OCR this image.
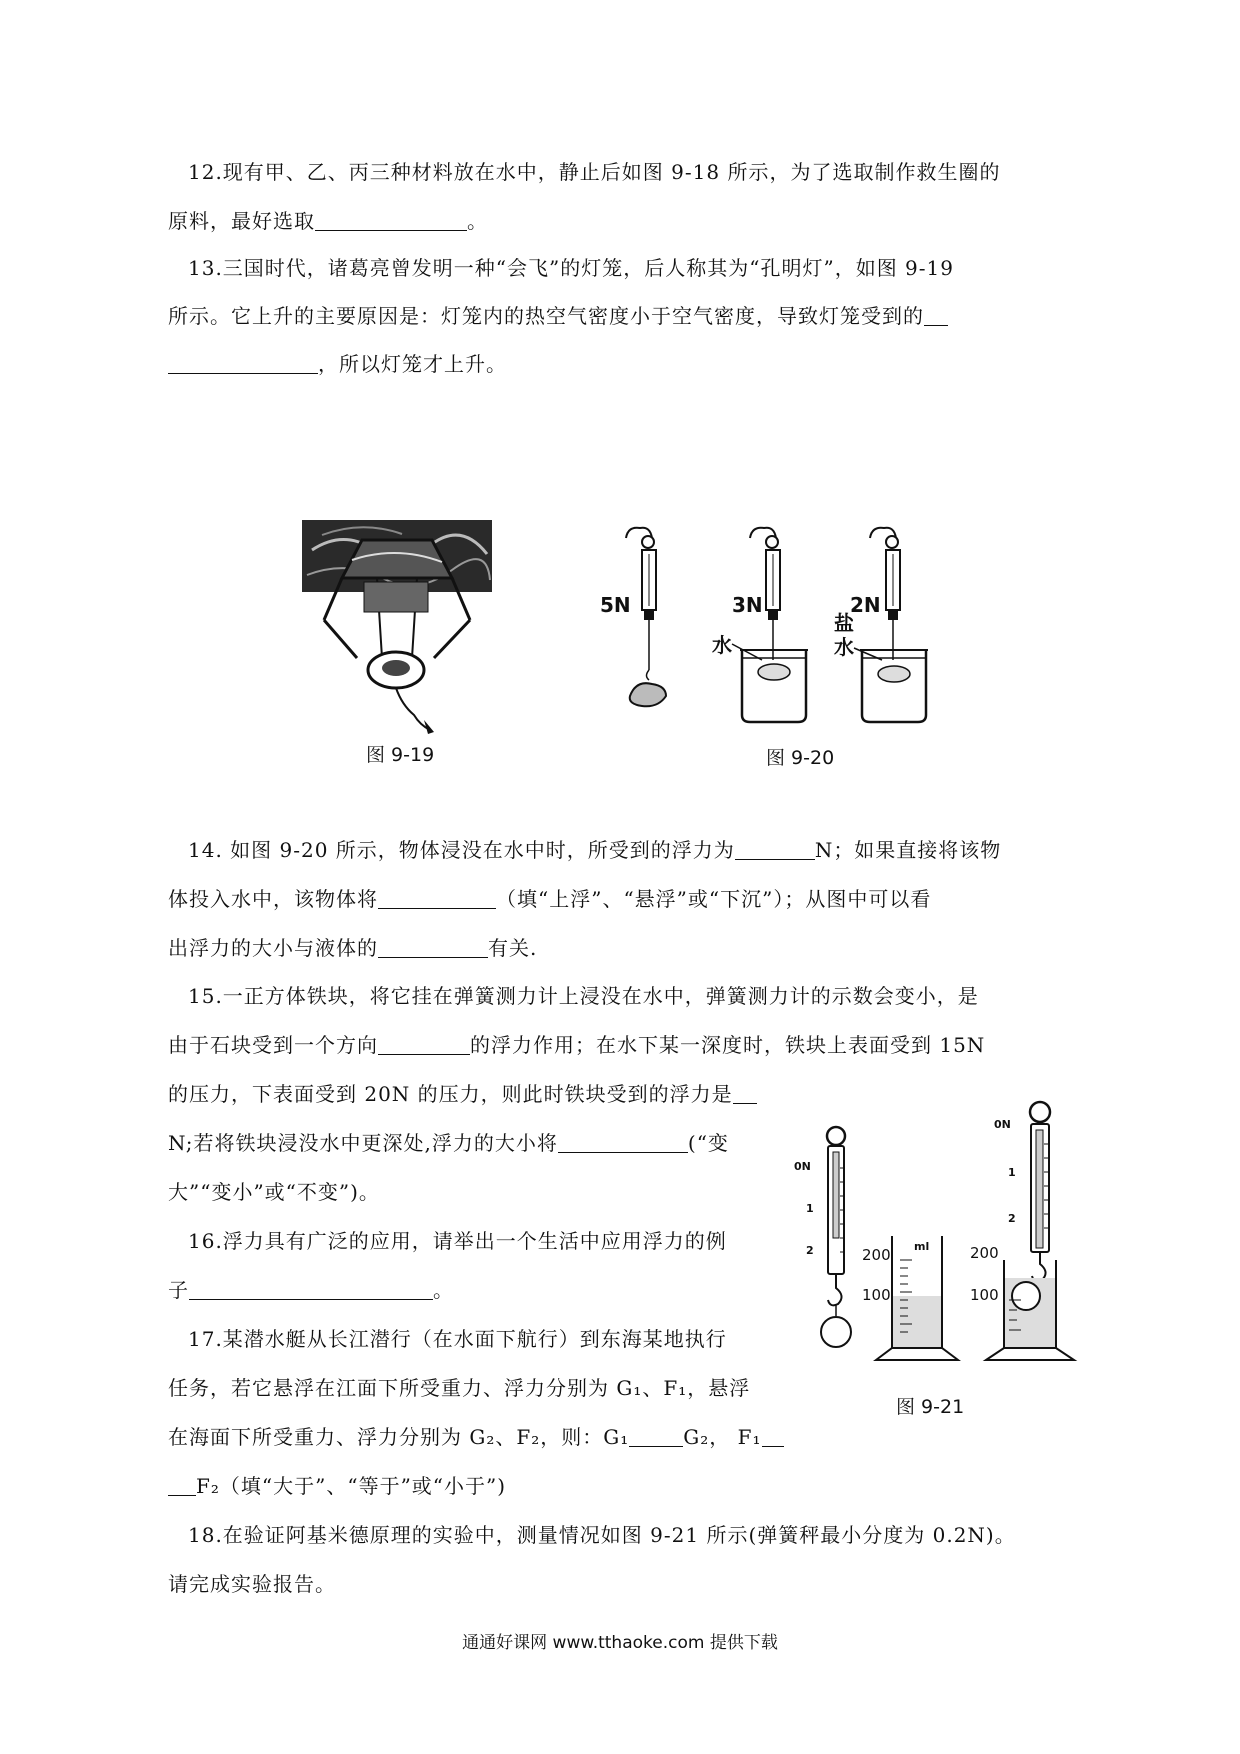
12.现有甲、乙、丙三种材料放在水中，静止后如图 9-18 所示，为了选取制作救生圈的
原料，最好选取	。
13.三国时代，诸葛亮曾发明一种“会飞”的灯笼，后人称其为“孔明灯”，如图 9-19
所示。它上升的主要原因是：灯笼内的热空气密度小于空气密度，导致灯笼受到的
，所以灯笼才上升。
图 9-19
5N	3N	2N
水
盐
水
图 9-20
14. 如图 9-20 所示，物体浸没在水中时，所受到的浮力为	N；如果直接将该物
体投入水中，该物体将	（填“上浮”、“悬浮”或“下沉”）；从图中可以看
出浮力的大小与液体的	有关.
15.一正方体铁块，将它挂在弹簧测力计上浸没在水中，弹簧测力计的示数会变小，是
由于石块受到一个方向	的浮力作用；在水下某一深度时，铁块上表面受到 15N
的压力，下表面受到 20N 的压力，则此时铁块受到的浮力是
N;若将铁块浸没水中更深处,浮力的大小将	(“变
大”“变小”或“不变”)。
16.浮力具有广泛的应用，请举出一个生活中应用浮力的例
子	。
17.某潜水艇从长江潜行（在水面下航行）到东海某地执行
任务，若它悬浮在江面下所受重力、浮力分别为 G₁、F₁，悬浮
在海面下所受重力、浮力分别为 G₂、F₂，则：G₁	G₂， F₁
F₂（填“大于”、“等于”或“小于”)
18.在验证阿基米德原理的实验中，测量情况如图 9-21 所示(弹簧秤最小分度为 0.2N)。
请完成实验报告。
0N
1
2	ml
200
100
0N
1
2
200
100
图 9-21
通通好课网 www.tthaoke.com 提供下载
